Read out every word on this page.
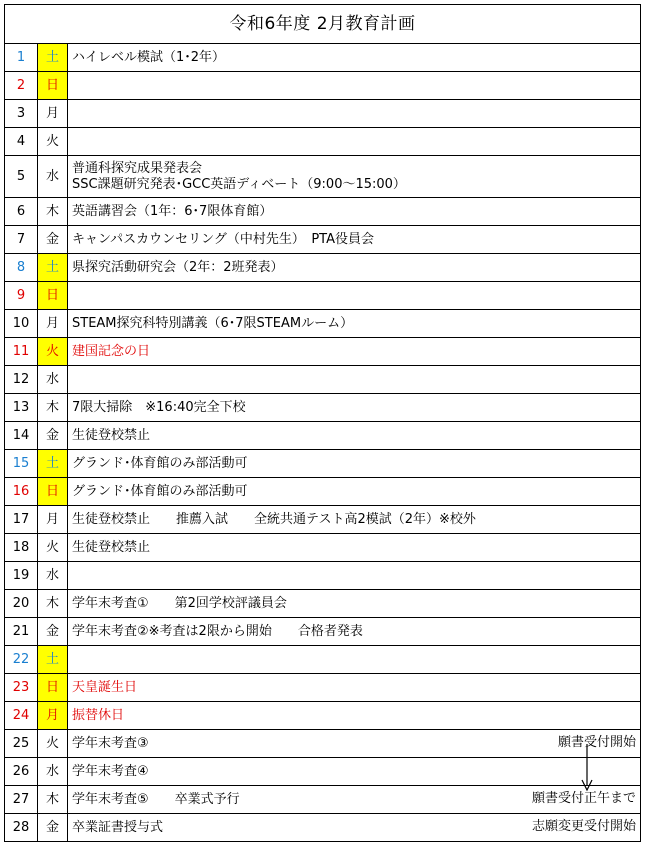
令和6年度 2月教育計画		
1	土	ハイレベル模試（1･2年）

2	日	

3	月	

4	火	

5	水	普通科探究成果発表会
SSC課題研究発表･GCC英語ディベート（9:00～15:00）

6	木	英語講習会（1年：6･7限体育館）

7	金	キャンパスカウンセリング（中村先生）　PTA役員会

8	土	県探究活動研究会（2年：2班発表）

9	日	

10	月	STEAM探究科特別講義（6･7限STEAMルーム）

11	火	建国記念の日

12	水	

13	木	7限大掃除　※16:40完全下校

14	金	生徒登校禁止

15	土	グランド･体育館のみ部活動可

16	日	グランド･体育館のみ部活動可

17	月	生徒登校禁止　　推薦入試　　全統共通テスト高2模試（2年）※校外

18	火	生徒登校禁止

19	水	

20	木	学年末考査①　　第2回学校評議員会

21	金	学年末考査②※考査は2限から開始　　合格者発表

22	土	

23	日	天皇誕生日

24	月	振替休日

25	火	学年末考査③ 願書受付開始

26	水	学年末考査④

27	木	学年末考査⑤　　卒業式予行 願書受付正午まで

28	金	卒業証書授与式 志願変更受付開始
